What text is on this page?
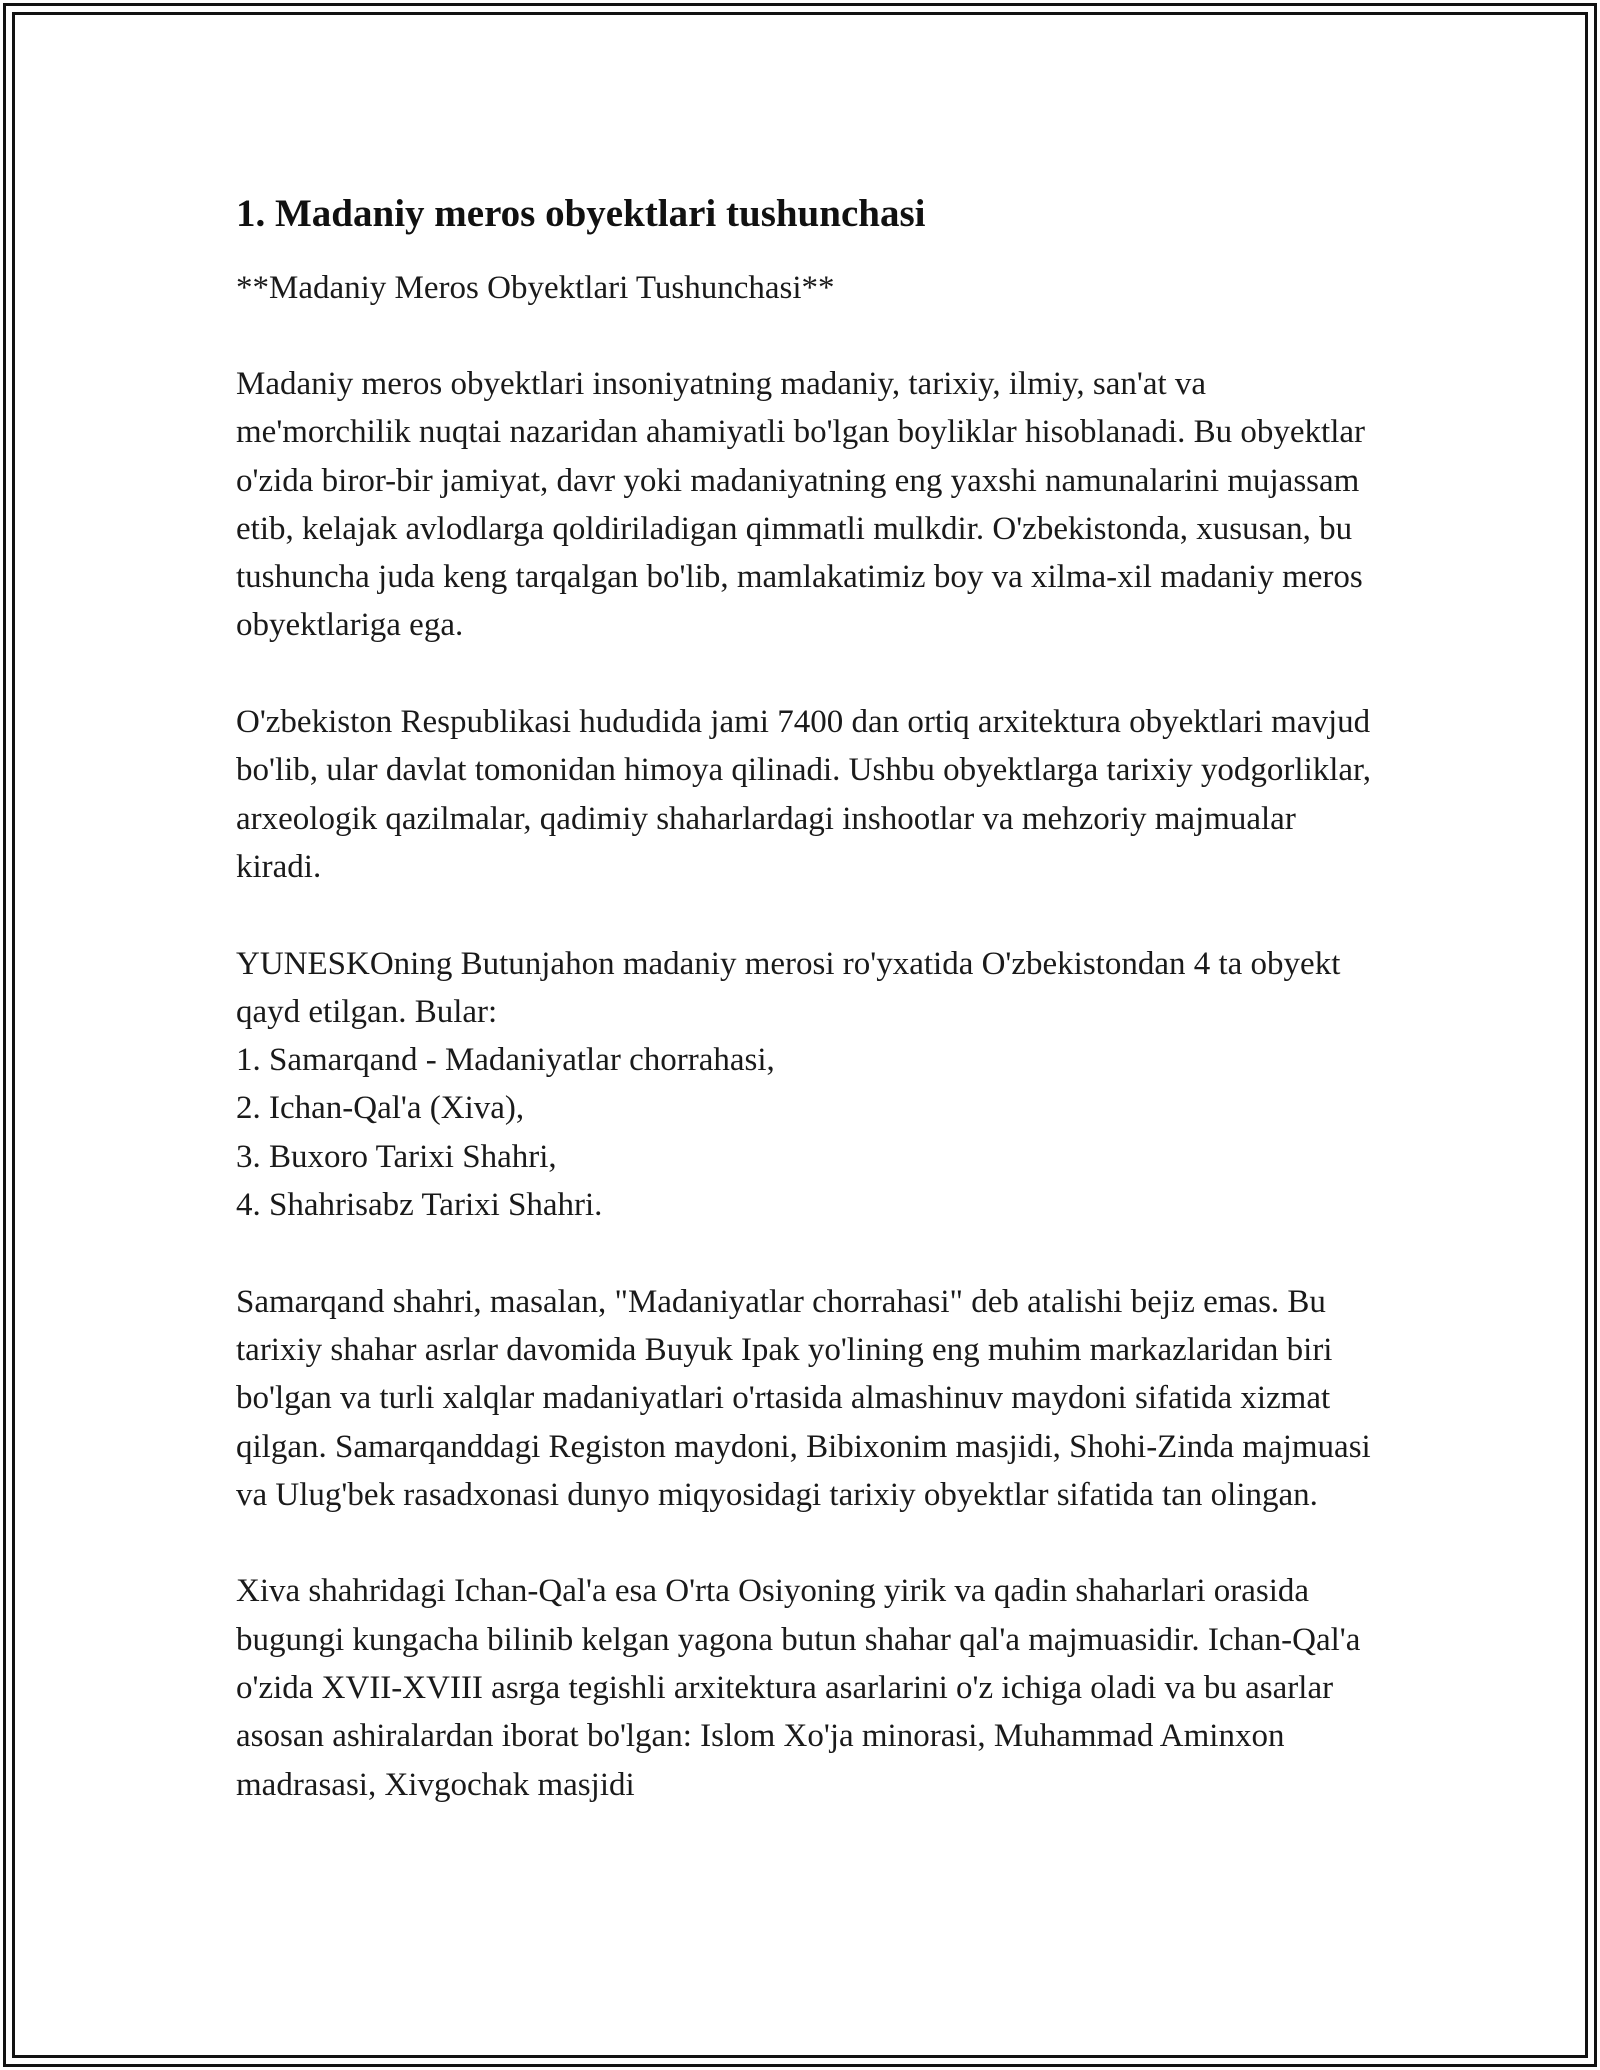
1. Madaniy meros obyektlari tushunchasi

**Madaniy Meros Obyektlari Tushunchasi**

Madaniy meros obyektlari insoniyatning madaniy, tarixiy, ilmiy, san'at va me'morchilik nuqtai nazaridan ahamiyatli bo'lgan boyliklar hisoblanadi. Bu obyektlar o'zida biror-bir jamiyat, davr yoki madaniyatning eng yaxshi namunalarini mujassam etib, kelajak avlodlarga qoldiriladigan qimmatli mulkdir. O'zbekistonda, xususan, bu tushuncha juda keng tarqalgan bo'lib, mamlakatimiz boy va xilma-xil madaniy meros obyektlariga ega.

O'zbekiston Respublikasi hududida jami 7400 dan ortiq arxitektura obyektlari mavjud bo'lib, ular davlat tomonidan himoya qilinadi. Ushbu obyektlarga tarixiy yodgorliklar, arxeologik qazilmalar, qadimiy shaharlardagi inshootlar va mehzoriy majmualar kiradi.

YUNESKOning Butunjahon madaniy merosi ro'yxatida O'zbekistondan 4 ta obyekt qayd etilgan. Bular:

1. Samarqand - Madaniyatlar chorrahasi,
2. Ichan-Qal'a (Xiva),
3. Buxoro Tarixi Shahri,
4. Shahrisabz Tarixi Shahri.

Samarqand shahri, masalan, "Madaniyatlar chorrahasi" deb atalishi bejiz emas. Bu tarixiy shahar asrlar davomida Buyuk Ipak yo'lining eng muhim markazlaridan biri bo'lgan va turli xalqlar madaniyatlari o'rtasida almashinuv maydoni sifatida xizmat qilgan. Samarqanddagi Registon maydoni, Bibixonim masjidi, Shohi-Zinda majmuasi va Ulug'bek rasadxonasi dunyo miqyosidagi tarixiy obyektlar sifatida tan olingan.

Xiva shahridagi Ichan-Qal'a esa O'rta Osiyoning yirik va qadin shaharlari orasida bugungi kungacha bilinib kelgan yagona butun shahar qal'a majmuasidir. Ichan-Qal'a o'zida XVII-XVIII asrga tegishli arxitektura asarlarini o'z ichiga oladi va bu asarlar asosan ashiralardan iborat bo'lgan: Islom Xo'ja minorasi, Muhammad Aminxon madrasasi, Xivgochak masjidi
